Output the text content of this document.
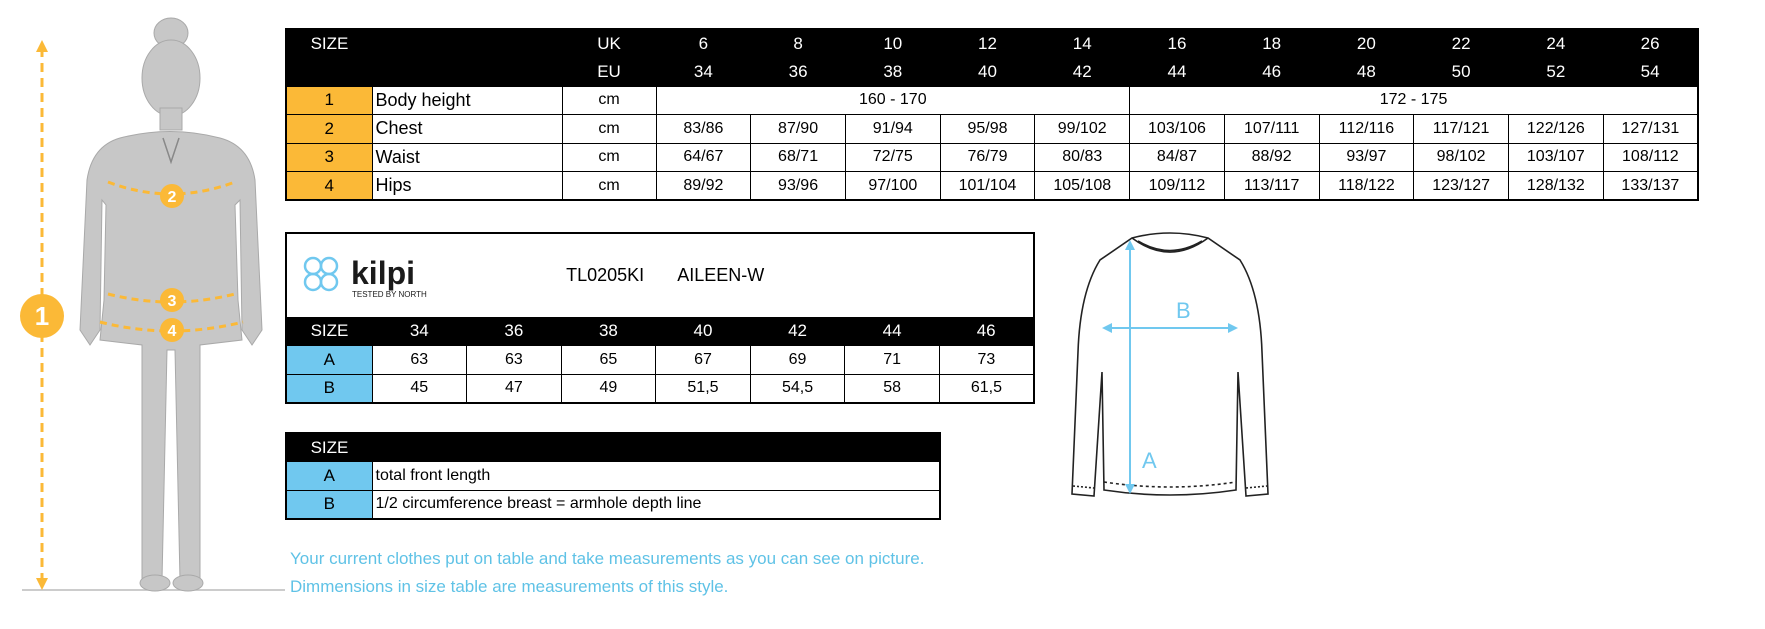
1
2
3
4
SIZE		UK	6	8	10	12	14	16	18	20	22	24	26
		EU	34	36	38	40	42	44	46	48	50	52	54
1	Body height	cm	160 - 170					172 - 175					
2	Chest	cm	83/86	87/90	91/94	95/98	99/102	103/106	107/111	112/116	117/121	122/126	127/131
3	Waist	cm	64/67	68/71	72/75	76/79	80/83	84/87	88/92	93/97	98/102	103/107	108/112
4	Hips	cm	89/92	93/96	97/100	101/104	105/108	109/112	113/117	118/122	123/127	128/132	133/137
kilpi
TESTED BY NORTH			TL0205KI AILEEN-W				
SIZE	34	36	38	40	42	44	46
A	63	63	65	67	69	71	73
B	45	47	49	51,5	54,5	58	61,5
SIZE	
A	total front length
B	1/2 circumference breast = armhole depth line
B
A
Your current clothes put on table and take measurements as you can see on picture.
Dimmensions in size table are measurements of this style.
